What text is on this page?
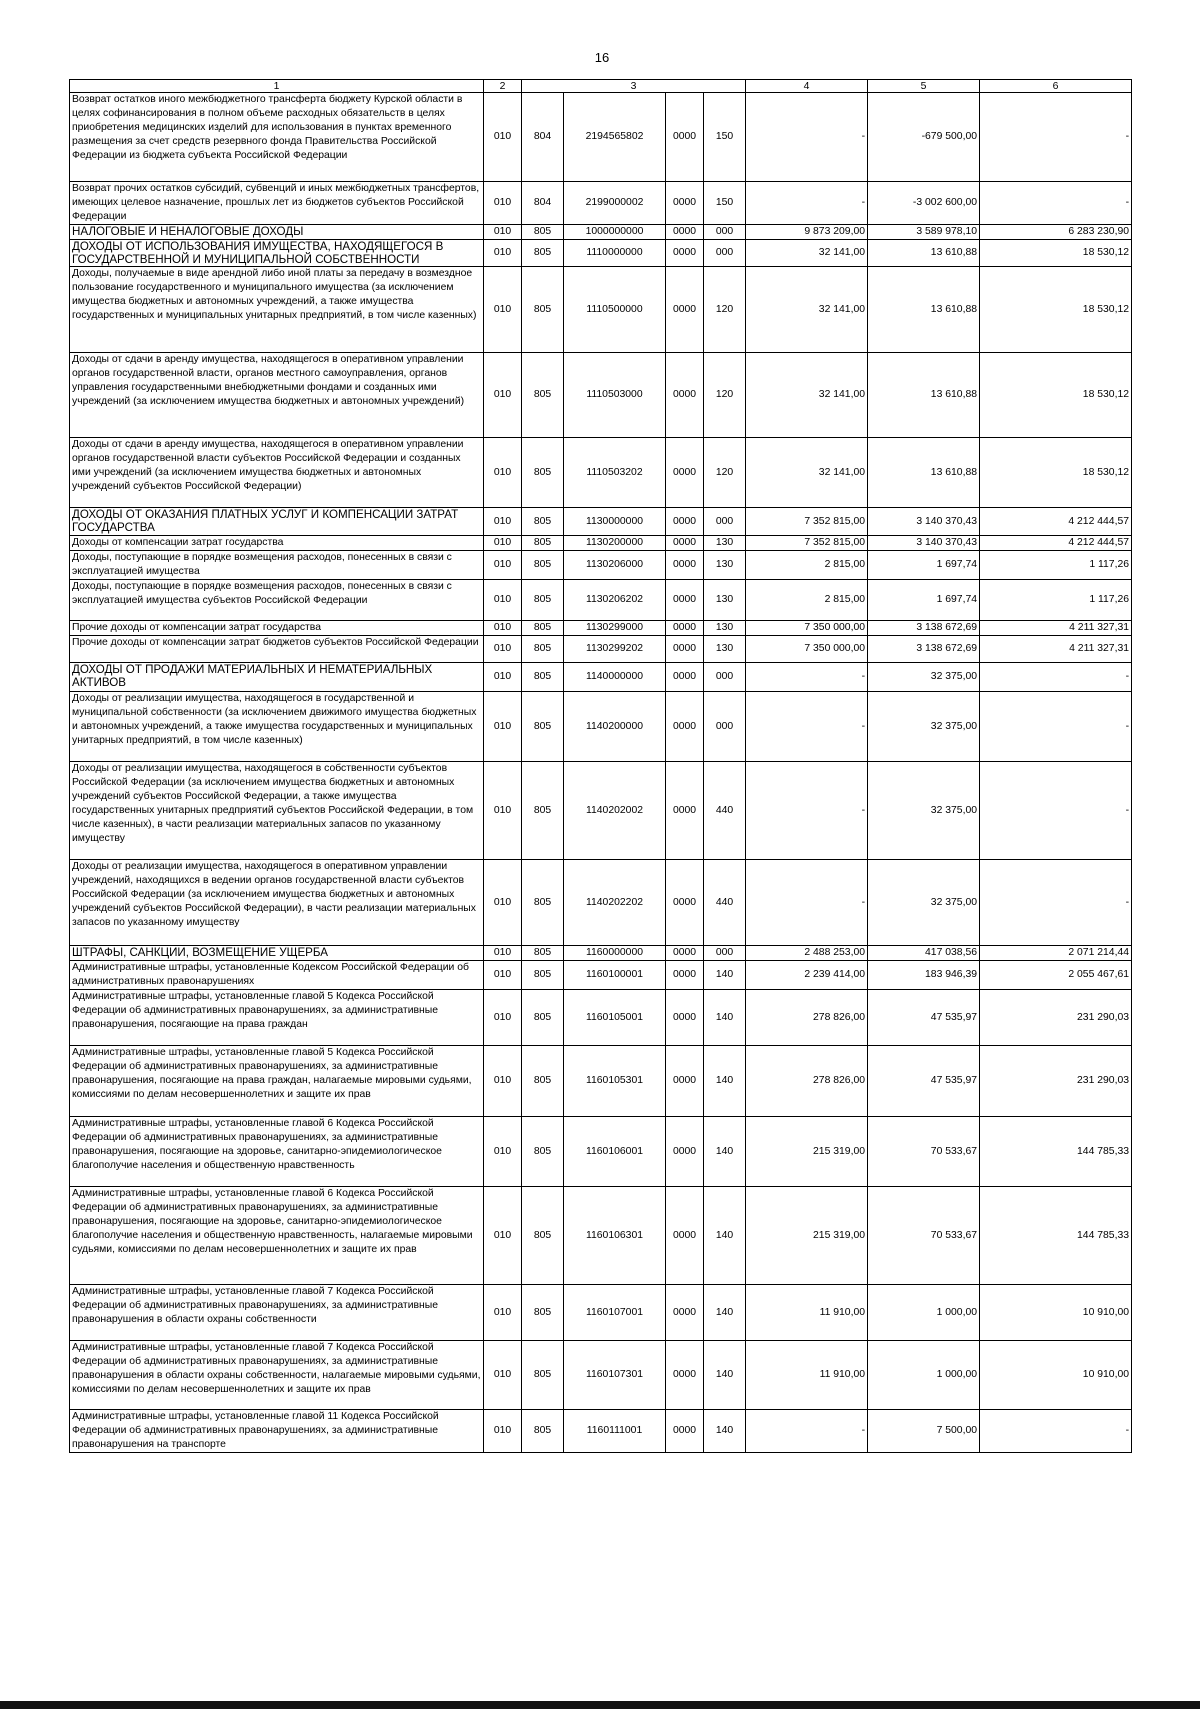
16
1	2	3				4	5	6
Возврат остатков иного межбюджетного трансферта бюджету Курской области в целях софинансирования в полном объеме расходных обязательств в целях приобретения медицинских изделий для использования в пунктах временного размещения за счет средств резервного фонда Правительства Российской Федерации из бюджета субъекта Российской Федерации	010	804	2194565802	0000	150	-	-679 500,00	-
Возврат прочих остатков субсидий, субвенций и иных межбюджетных трансфертов, имеющих целевое назначение, прошлых лет из бюджетов субъектов Российской Федерации	010	804	2199000002	0000	150	-	-3 002 600,00	-
НАЛОГОВЫЕ И НЕНАЛОГОВЫЕ ДОХОДЫ	010	805	1000000000	0000	000	9 873 209,00	3 589 978,10	6 283 230,90
ДОХОДЫ ОТ ИСПОЛЬЗОВАНИЯ ИМУЩЕСТВА, НАХОДЯЩЕГОСЯ В ГОСУДАРСТВЕННОЙ И МУНИЦИПАЛЬНОЙ СОБСТВЕННОСТИ	010	805	1110000000	0000	000	32 141,00	13 610,88	18 530,12
Доходы, получаемые в виде арендной либо иной платы за передачу в возмездное пользование государственного и муниципального имущества (за исключением имущества бюджетных и автономных учреждений, а также имущества государственных и муниципальных унитарных предприятий, в том числе казенных)	010	805	1110500000	0000	120	32 141,00	13 610,88	18 530,12
Доходы от сдачи в аренду имущества, находящегося в оперативном управлении органов государственной власти, органов местного самоуправления, органов управления государственными внебюджетными фондами и созданных ими учреждений (за исключением имущества бюджетных и автономных учреждений)	010	805	1110503000	0000	120	32 141,00	13 610,88	18 530,12
Доходы от сдачи в аренду имущества, находящегося в оперативном управлении органов государственной власти субъектов Российской Федерации и созданных ими учреждений (за исключением имущества бюджетных и автономных учреждений субъектов Российской Федерации)	010	805	1110503202	0000	120	32 141,00	13 610,88	18 530,12
ДОХОДЫ ОТ ОКАЗАНИЯ ПЛАТНЫХ УСЛУГ И КОМПЕНСАЦИИ ЗАТРАТ ГОСУДАРСТВА	010	805	1130000000	0000	000	7 352 815,00	3 140 370,43	4 212 444,57
Доходы от компенсации затрат государства	010	805	1130200000	0000	130	7 352 815,00	3 140 370,43	4 212 444,57
Доходы, поступающие в порядке возмещения расходов, понесенных в связи с эксплуатацией имущества	010	805	1130206000	0000	130	2 815,00	1 697,74	1 117,26
Доходы, поступающие в порядке возмещения расходов, понесенных в связи с эксплуатацией имущества субъектов Российской Федерации	010	805	1130206202	0000	130	2 815,00	1 697,74	1 117,26
Прочие доходы от компенсации затрат государства	010	805	1130299000	0000	130	7 350 000,00	3 138 672,69	4 211 327,31
Прочие доходы от компенсации затрат бюджетов субъектов Российской Федерации	010	805	1130299202	0000	130	7 350 000,00	3 138 672,69	4 211 327,31
ДОХОДЫ ОТ ПРОДАЖИ МАТЕРИАЛЬНЫХ И НЕМАТЕРИАЛЬНЫХ АКТИВОВ	010	805	1140000000	0000	000	-	32 375,00	-
Доходы от реализации имущества, находящегося в государственной и муниципальной собственности (за исключением движимого имущества бюджетных и автономных учреждений, а также имущества государственных и муниципальных унитарных предприятий, в том числе казенных)	010	805	1140200000	0000	000	-	32 375,00	-
Доходы от реализации имущества, находящегося в собственности субъектов Российской Федерации (за исключением имущества бюджетных и автономных учреждений субъектов Российской Федерации, а также имущества государственных унитарных предприятий субъектов Российской Федерации, в том числе казенных), в части реализации материальных запасов по указанному имуществу	010	805	1140202002	0000	440	-	32 375,00	-
Доходы от реализации имущества, находящегося в оперативном управлении учреждений, находящихся в ведении органов государственной власти субъектов Российской Федерации (за исключением имущества бюджетных и автономных учреждений субъектов Российской Федерации), в части реализации материальных запасов по указанному имуществу	010	805	1140202202	0000	440	-	32 375,00	-
ШТРАФЫ, САНКЦИИ, ВОЗМЕЩЕНИЕ УЩЕРБА	010	805	1160000000	0000	000	2 488 253,00	417 038,56	2 071 214,44
Административные штрафы, установленные Кодексом Российской Федерации об административных правонарушениях	010	805	1160100001	0000	140	2 239 414,00	183 946,39	2 055 467,61
Административные штрафы, установленные главой 5 Кодекса Российской Федерации об административных правонарушениях, за административные правонарушения, посягающие на права граждан	010	805	1160105001	0000	140	278 826,00	47 535,97	231 290,03
Административные штрафы, установленные главой 5 Кодекса Российской Федерации об административных правонарушениях, за административные правонарушения, посягающие на права граждан, налагаемые мировыми судьями, комиссиями по делам несовершеннолетних и защите их прав	010	805	1160105301	0000	140	278 826,00	47 535,97	231 290,03
Административные штрафы, установленные главой 6 Кодекса Российской Федерации об административных правонарушениях, за административные правонарушения, посягающие на здоровье, санитарно-эпидемиологическое благополучие населения и общественную нравственность	010	805	1160106001	0000	140	215 319,00	70 533,67	144 785,33
Административные штрафы, установленные главой 6 Кодекса Российской Федерации об административных правонарушениях, за административные правонарушения, посягающие на здоровье, санитарно-эпидемиологическое благополучие населения и общественную нравственность, налагаемые мировыми судьями, комиссиями по делам несовершеннолетних и защите их прав	010	805	1160106301	0000	140	215 319,00	70 533,67	144 785,33
Административные штрафы, установленные главой 7 Кодекса Российской Федерации об административных правонарушениях, за административные правонарушения в области охраны собственности	010	805	1160107001	0000	140	11 910,00	1 000,00	10 910,00
Административные штрафы, установленные главой 7 Кодекса Российской Федерации об административных правонарушениях, за административные правонарушения в области охраны собственности, налагаемые мировыми судьями, комиссиями по делам несовершеннолетних и защите их прав	010	805	1160107301	0000	140	11 910,00	1 000,00	10 910,00
Административные штрафы, установленные главой 11 Кодекса Российской Федерации об административных правонарушениях, за административные правонарушения на транспорте	010	805	1160111001	0000	140	-	7 500,00	-
